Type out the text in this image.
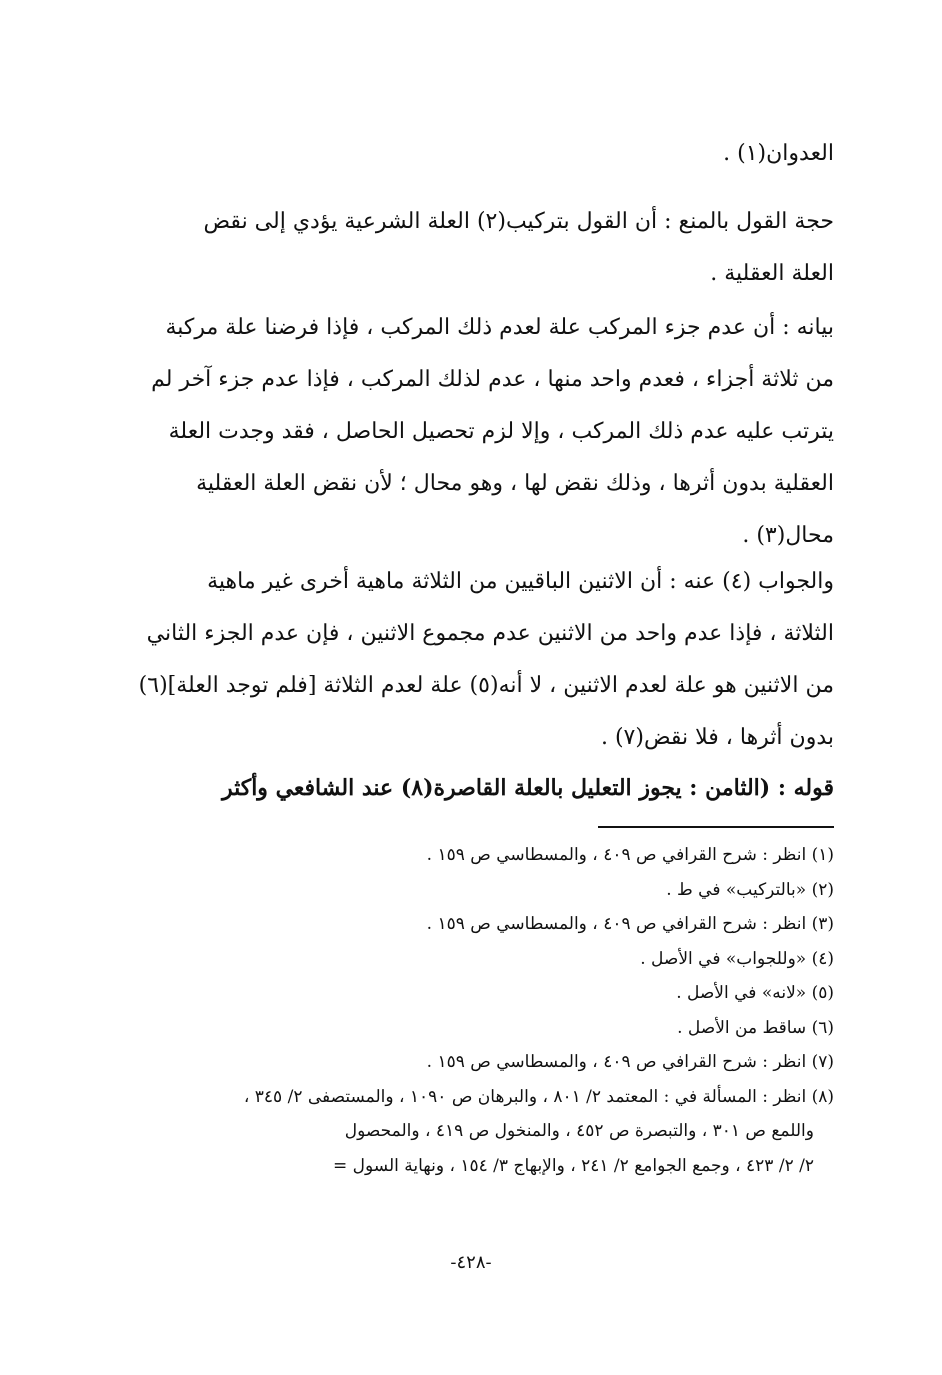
العدوان(١) .
حجة القول بالمنع : أن القول بتركيب(٢) العلة الشرعية يؤدي إلى نقض
العلة العقلية .
بيانه : أن عدم جزء المركب علة لعدم ذلك المركب ، فإذا فرضنا علة مركبة
من ثلاثة أجزاء ، فعدم واحد منها ، عدم لذلك المركب ، فإذا عدم جزء آخر لم
يترتب عليه عدم ذلك المركب ، وإلا لزم تحصيل الحاصل ، فقد وجدت العلة
العقلية بدون أثرها ، وذلك نقض لها ، وهو محال ؛ لأن نقض العلة العقلية
محال(٣) .
والجواب (٤) عنه : أن الاثنين الباقيين من الثلاثة ماهية أخرى غير ماهية
الثلاثة ، فإذا عدم واحد من الاثنين عدم مجموع الاثنين ، فإن عدم الجزء الثاني
من الاثنين هو علة لعدم الاثنين ، لا أنه(٥) علة لعدم الثلاثة [فلم توجد العلة](٦)
بدون أثرها ، فلا نقض(٧) .
قوله : (الثامن : يجوز التعليل بالعلة القاصرة(٨) عند الشافعي وأكثر
(١) انظر : شرح القرافي ص ٤٠٩ ، والمسطاسي ص ١٥٩ .
(٢) «بالتركيب» في ط .
(٣) انظر : شرح القرافي ص ٤٠٩ ، والمسطاسي ص ١٥٩ .
(٤) «وللجواب» في الأصل .
(٥) «لانه» في الأصل .
(٦) ساقط من الأصل .
(٧) انظر : شرح القرافي ص ٤٠٩ ، والمسطاسي ص ١٥٩ .
(٨) انظر : المسألة في : المعتمد ٢/ ٨٠١ ، والبرهان ص ١٠٩٠ ، والمستصفى ٢/ ٣٤٥ ،
واللمع ص ٣٠١ ، والتبصرة ص ٤٥٢ ، والمنخول ص ٤١٩ ، والمحصول
٢/ ٢/ ٤٢٣ ، وجمع الجوامع ٢/ ٢٤١ ، والإبهاج ٣/ ١٥٤ ، ونهاية السول =
-٤٢٨-
